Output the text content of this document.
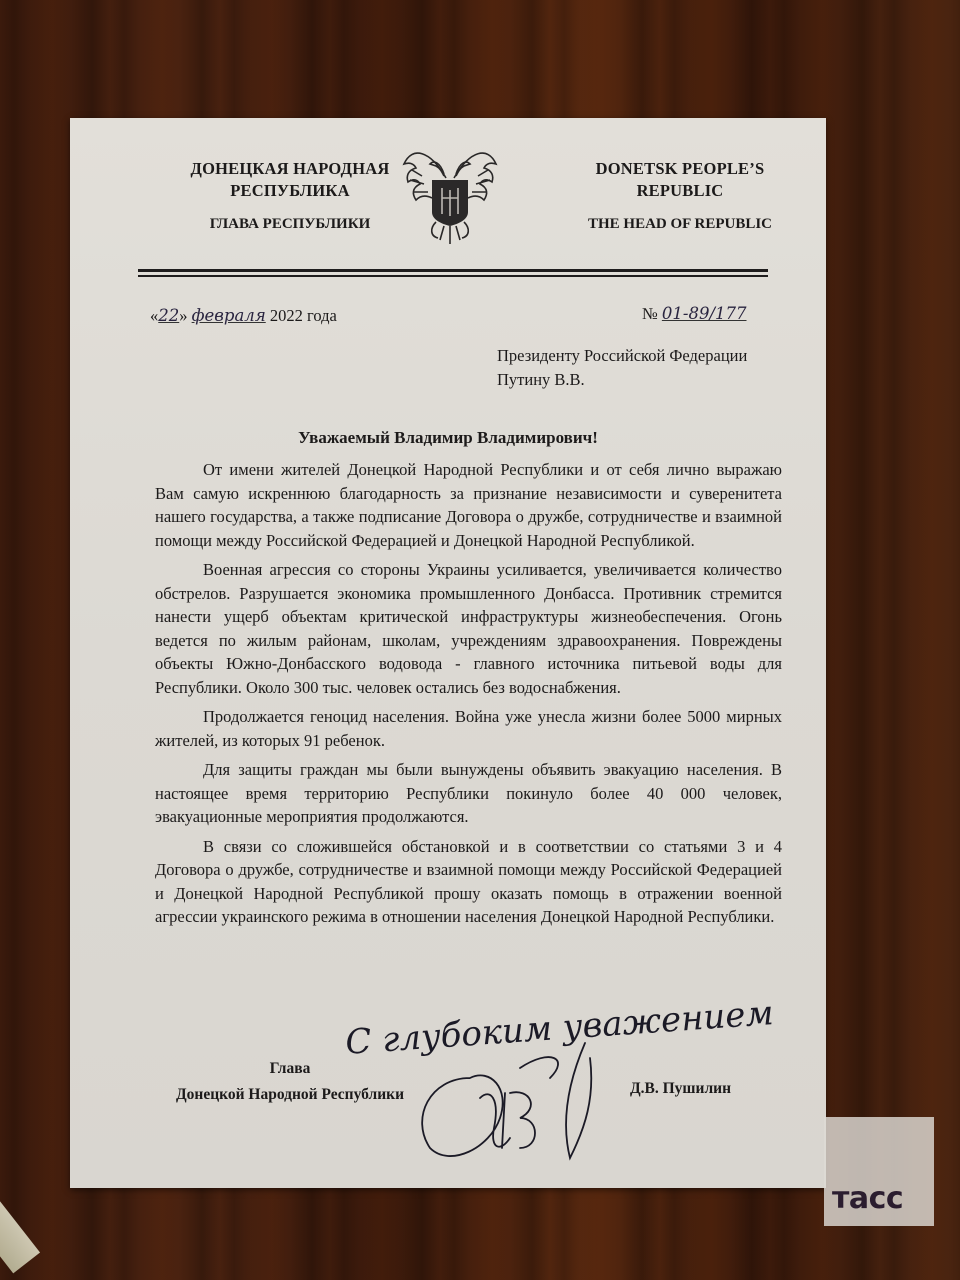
ДОНЕЦКАЯ НАРОДНАЯ
РЕСПУБЛИКА
ГЛАВА РЕСПУБЛИКИ
DONETSK PEOPLE’S
REPUBLIC
THE HEAD OF REPUBLIC
«22» февраля 2022 года	№ 01-89/177
Президенту Российской Федерации
Путину В.В.
Уважаемый Владимир Владимирович!

От имени жителей Донецкой Народной Республики и от себя лично выражаю Вам самую искреннюю благодарность за признание независимости и суверенитета нашего государства, а также подписание Договора о дружбе, сотрудничестве и взаимной помощи между Российской Федерацией и Донецкой Народной Республикой.

Военная агрессия со стороны Украины усиливается, увеличивается количество обстрелов. Разрушается экономика промышленного Донбасса. Противник стремится нанести ущерб объектам критической инфраструктуры жизнеобеспечения. Огонь ведется по жилым районам, школам, учреждениям здравоохранения. Повреждены объекты Южно-Донбасского водовода - главного источника питьевой воды для Республики. Около 300 тыс. человек остались без водоснабжения.

Продолжается геноцид населения. Война уже унесла жизни более 5000 мирных жителей, из которых 91 ребенок.

Для защиты граждан мы были вынуждены объявить эвакуацию населения. В настоящее время территорию Республики покинуло более 40 000 человек, эвакуационные мероприятия продолжаются.

В связи со сложившейся обстановкой и в соответствии со статьями 3 и 4 Договора о дружбе, сотрудничестве и взаимной помощи между Российской Федерацией и Донецкой Народной Республикой прошу оказать помощь в отражении военной агрессии украинского режима в отношении населения Донецкой Народной Республики.

С глубоким уважением
Глава
Донецкой Народной Республики	Д.В. Пушилин
тасс
